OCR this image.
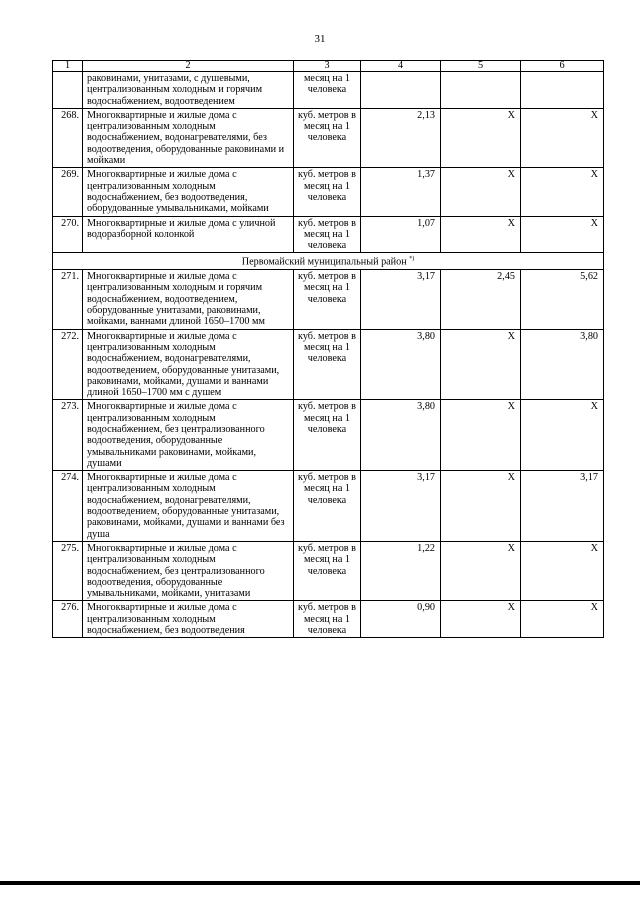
31
1	2	3	4	5	6
	раковинами, унитазами, с душевыми, централизованным холодным и горячим водоснабжением, водоотведением	месяц на 1 человека			
268.	Многоквартирные и жилые дома с централизованным холодным водоснабжением, водонагревателями, без водоотведения, оборудованные раковинами и мойками	куб. метров в месяц на 1 человека	2,13	Х	Х
269.	Многоквартирные и жилые дома с централизованным холодным водоснабжением, без водоотведения, оборудованные умывальниками, мойками	куб. метров в месяц на 1 человека	1,37	Х	Х
270.	Многоквартирные и жилые дома с уличной водоразборной колонкой	куб. метров в месяц на 1 человека	1,07	Х	Х
Первомайский муниципальный район *)
271.	Многоквартирные и жилые дома с централизованным холодным и горячим водоснабжением, водоотведением, оборудованные унитазами, раковинами, мойками, ваннами длиной 1650–1700 мм	куб. метров в месяц на 1 человека	3,17	2,45	5,62
272.	Многоквартирные и жилые дома с централизованным холодным водоснабжением, водонагревателями, водоотведением, оборудованные унитазами, раковинами, мойками, душами и ваннами длиной 1650–1700 мм с душем	куб. метров в месяц на 1 человека	3,80	Х	3,80
273.	Многоквартирные и жилые дома с централизованным холодным водоснабжением, без централизованного водоотведения, оборудованные умывальниками раковинами, мойками, душами	куб. метров в месяц на 1 человека	3,80	Х	Х
274.	Многоквартирные и жилые дома с централизованным холодным водоснабжением, водонагревателями, водоотведением, оборудованные унитазами, раковинами, мойками, душами и ваннами без душа	куб. метров в месяц на 1 человека	3,17	Х	3,17
275.	Многоквартирные и жилые дома с централизованным холодным водоснабжением, без централизованного водоотведения, оборудованные умывальниками, мойками, унитазами	куб. метров в месяц на 1 человека	1,22	Х	Х
276.	Многоквартирные и жилые дома с централизованным холодным водоснабжением, без водоотведения	куб. метров в месяц на 1 человека	0,90	Х	Х
